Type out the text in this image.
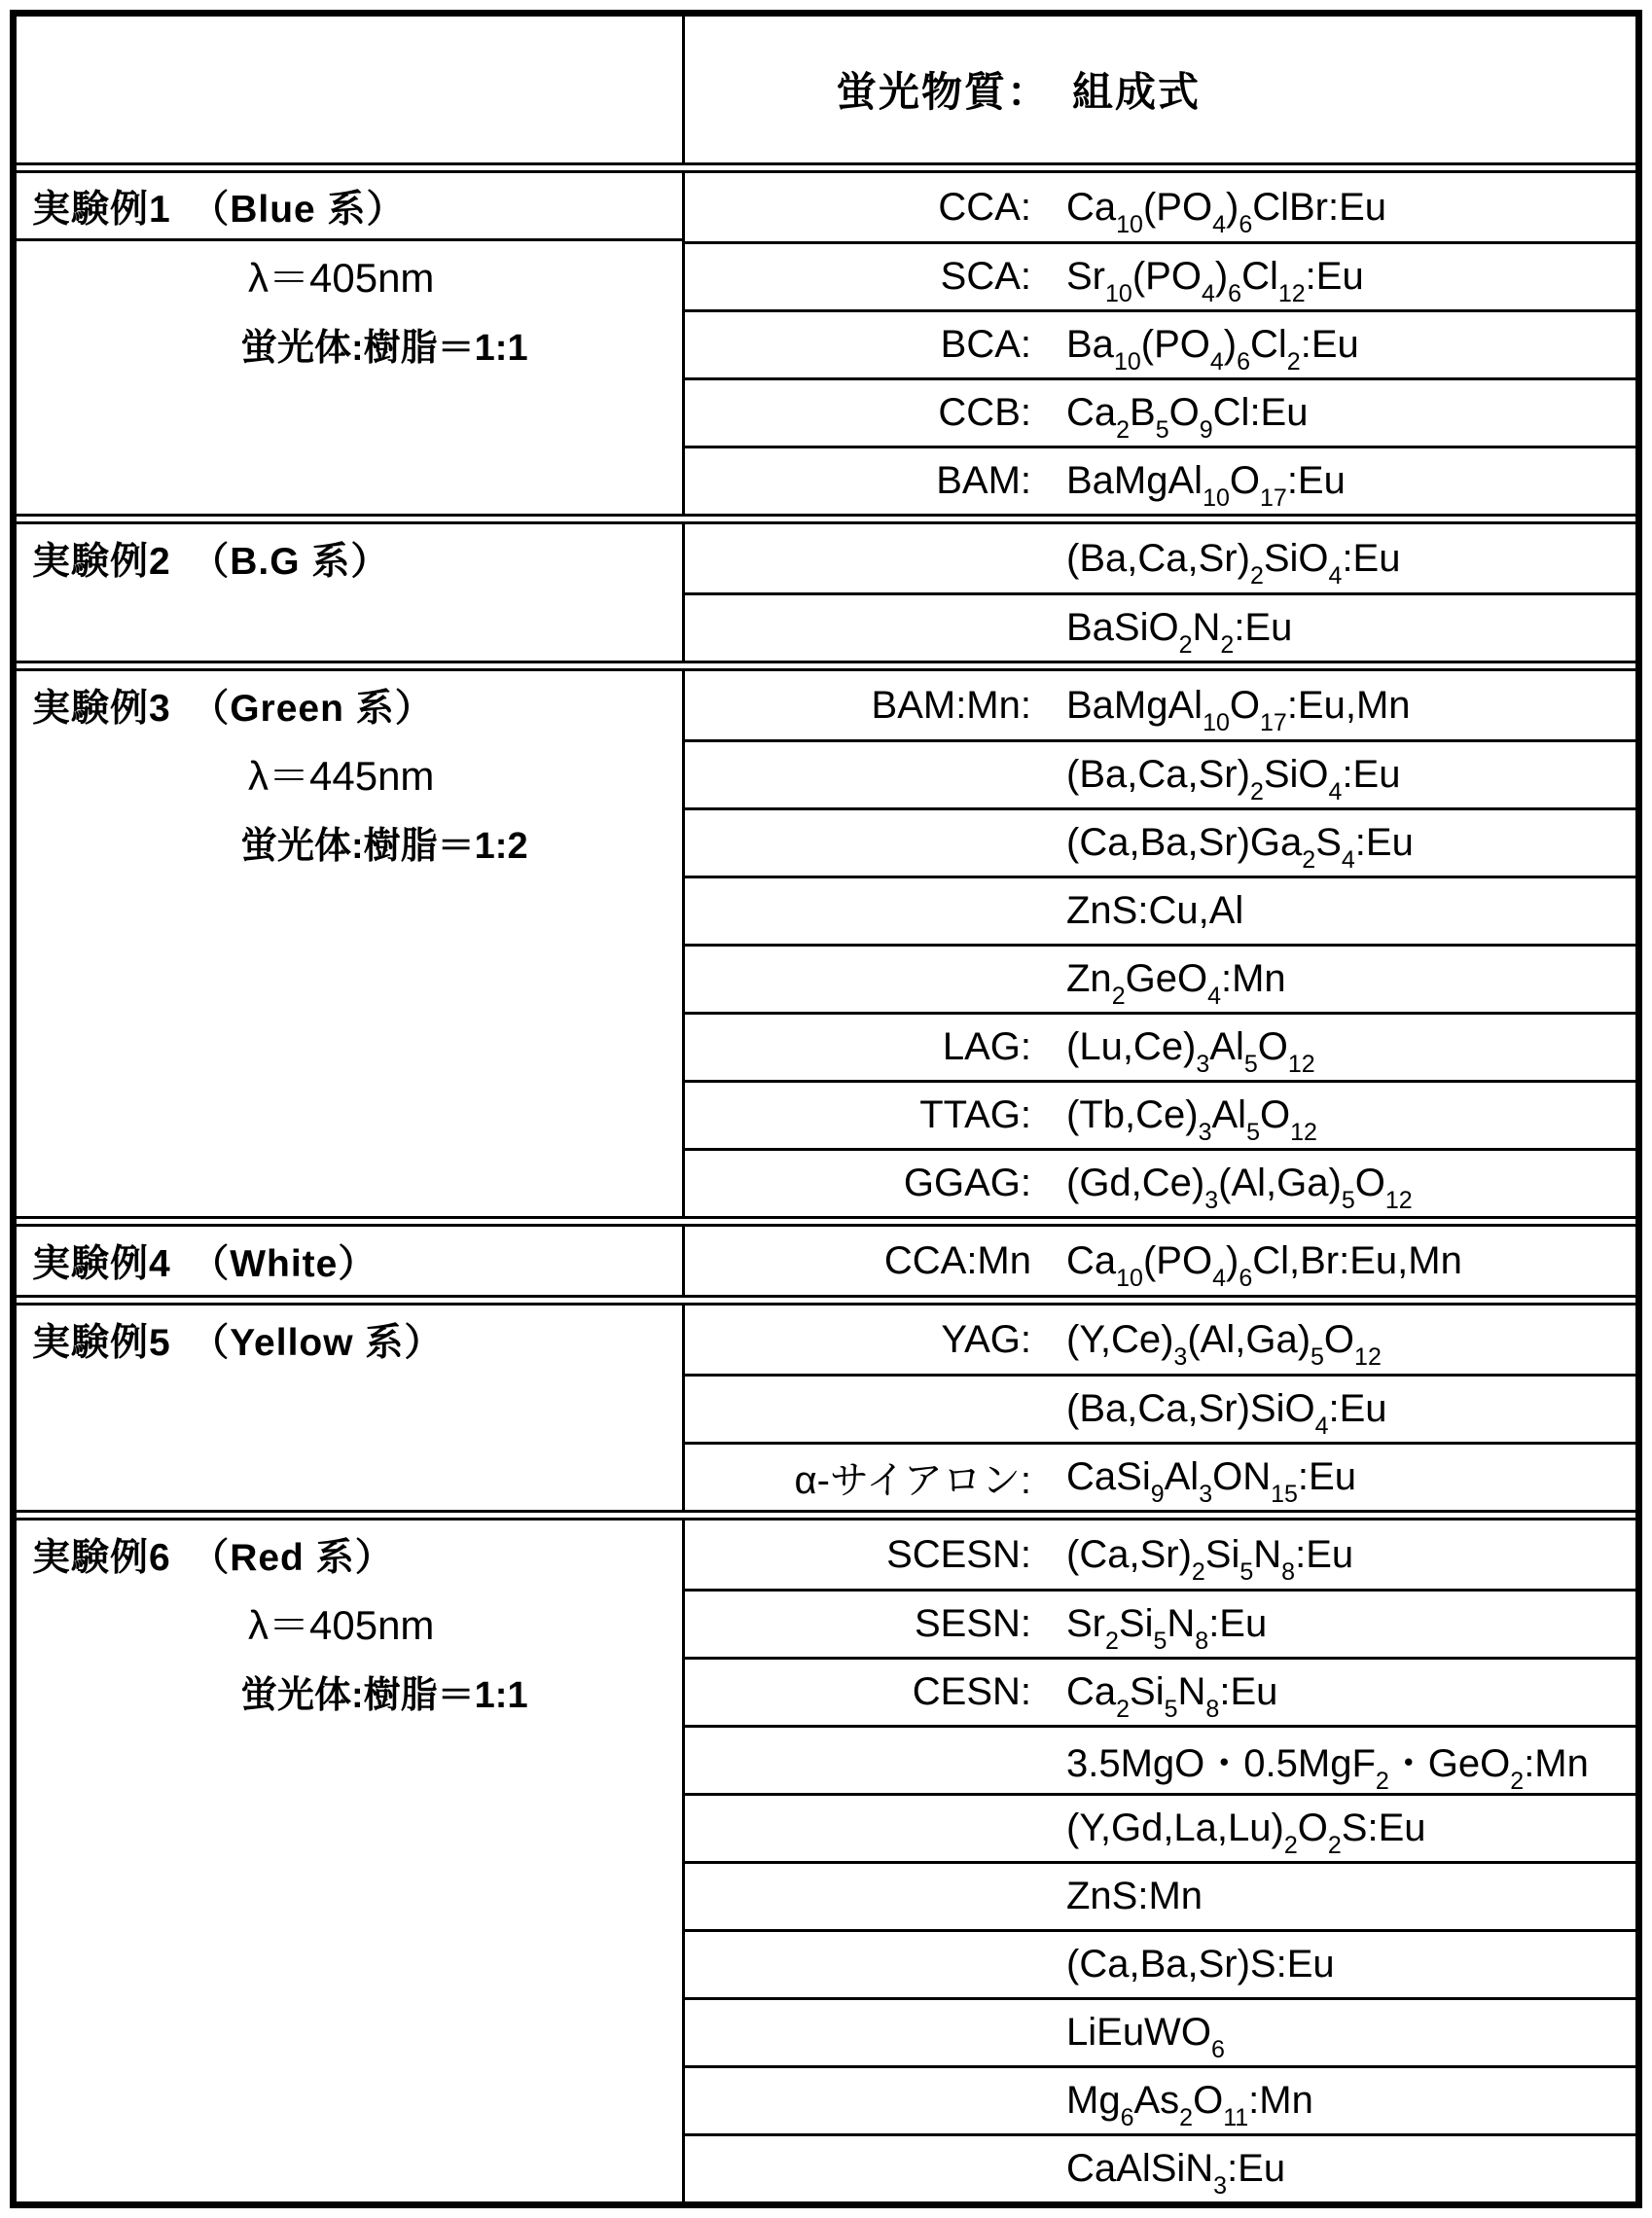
蛍光物質：　組成式
実験例1　（Blue 系）
λ＝405nm
蛍光体:樹脂＝1:1
CCA: $Ca_{10}(PO_4)_6ClBr:Eu$
SCA: $Sr_{10}(PO_4)_6Cl_{12}:Eu$
BCA: $Ba_{10}(PO_4)_6Cl_2:Eu$
CCB: $Ca_2B_5O_9Cl:Eu$
BAM: $BaMgAl_{10}O_{17}:Eu$
実験例2　（B.G 系）	$(Ba,Ca,Sr)_2SiO_4:Eu$
$BaSiO_2N_2:Eu$
実験例3　（Green 系）
λ＝445nm
蛍光体:樹脂＝1:2
BAM:Mn: $BaMgAl_{10}O_{17}:Eu,Mn$
$(Ba,Ca,Sr)_2SiO_4:Eu$
$(Ca,Ba,Sr)Ga_2S_4:Eu$
ZnS:Cu,Al
$Zn_2GeO_4:Mn$
LAG: $(Lu,Ce)_3Al_5O_{12}$
TTAG: $(Tb,Ce)_3Al_5O_{12}$
GGAG: $(Gd,Ce)_3(Al,Ga)_5O_{12}$
実験例4　（White）	CCA:Mn $Ca_{10}(PO_4)_6Cl,Br:Eu,Mn$
実験例5　（Yellow 系）	YAG: $(Y,Ce)_3(Al,Ga)_5O_{12}$
(Ba,Ca,Sr)SiO$_4$:Eu
α-サイアロン: $CaSi_9Al_3ON_{15}:Eu$
実験例6　（Red 系）
λ＝405nm
蛍光体:樹脂＝1:1
SCESN: $(Ca,Sr)_2Si_5N_8:Eu$
SESN: $Sr_2Si_5N_8:Eu$
CESN: $Ca_2Si_5N_8:Eu$
3.5MgO・0.5MgF$_2$・GeO$_2$:Mn
$(Y,Gd,La,Lu)_2O_2S:Eu$
ZnS:Mn
(Ca,Ba,Sr)S:Eu
LiEuWO$_6$
$Mg_6As_2O_{11}:Mn$
CaAlSiN$_3$:Eu
